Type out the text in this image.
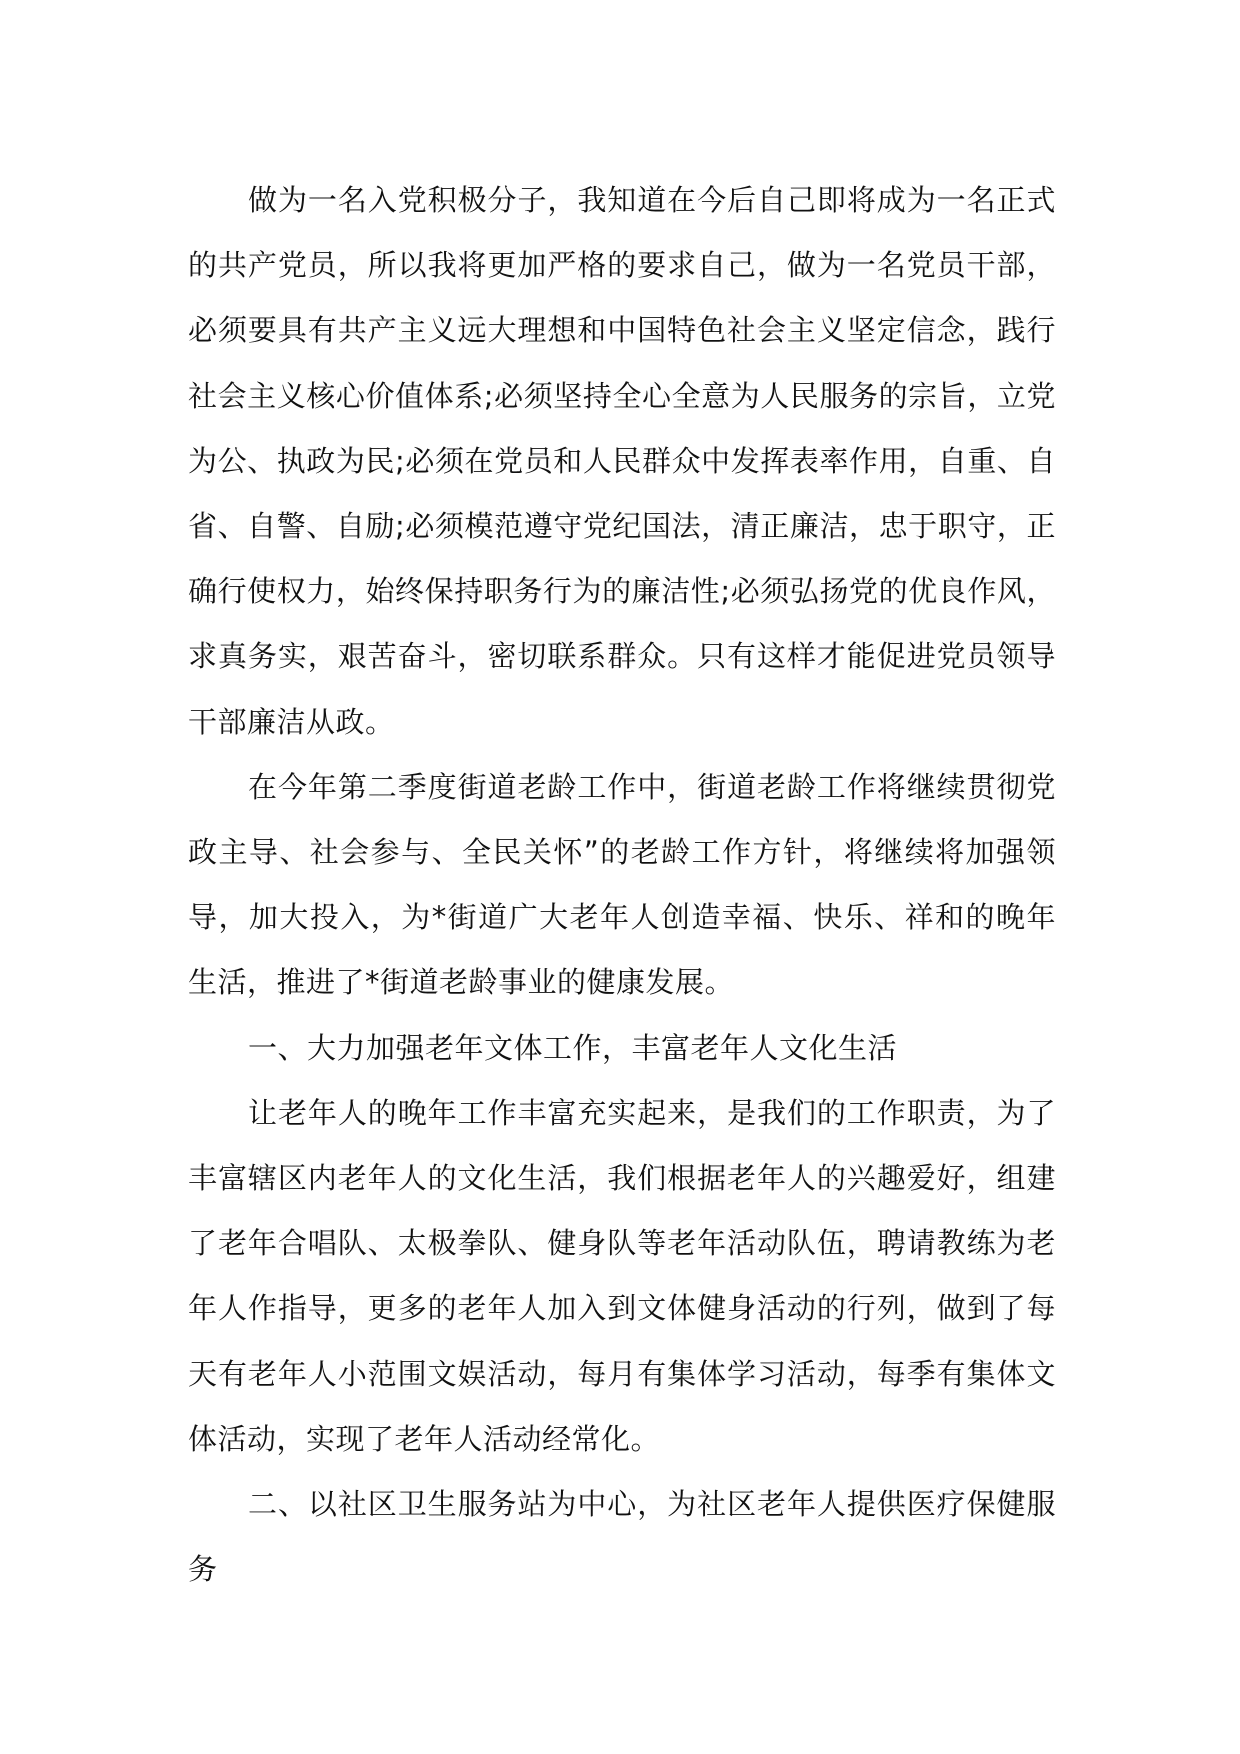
做为一名入党积极分子，我知道在今后自己即将成为一名正式的共产党员，所以我将更加严格的要求自己，做为一名党员干部，必须要具有共产主义远大理想和中国特色社会主义坚定信念，践行社会主义核心价值体系;必须坚持全心全意为人民服务的宗旨，立党为公、执政为民;必须在党员和人民群众中发挥表率作用，自重、自省、自警、自励;必须模范遵守党纪国法，清正廉洁，忠于职守，正确行使权力，始终保持职务行为的廉洁性;必须弘扬党的优良作风，求真务实，艰苦奋斗，密切联系群众。只有这样才能促进党员领导干部廉洁从政。

在今年第二季度街道老龄工作中，街道老龄工作将继续贯彻党政主导、社会参与、全民关怀”的老龄工作方针，将继续将加强领导，加大投入，为*街道广大老年人创造幸福、快乐、祥和的晚年生活，推进了*街道老龄事业的健康发展。

一、大力加强老年文体工作，丰富老年人文化生活

让老年人的晚年工作丰富充实起来，是我们的工作职责，为了丰富辖区内老年人的文化生活，我们根据老年人的兴趣爱好，组建了老年合唱队、太极拳队、健身队等老年活动队伍，聘请教练为老年人作指导，更多的老年人加入到文体健身活动的行列，做到了每天有老年人小范围文娱活动，每月有集体学习活动，每季有集体文体活动，实现了老年人活动经常化。

二、以社区卫生服务站为中心，为社区老年人提供医疗保健服务
